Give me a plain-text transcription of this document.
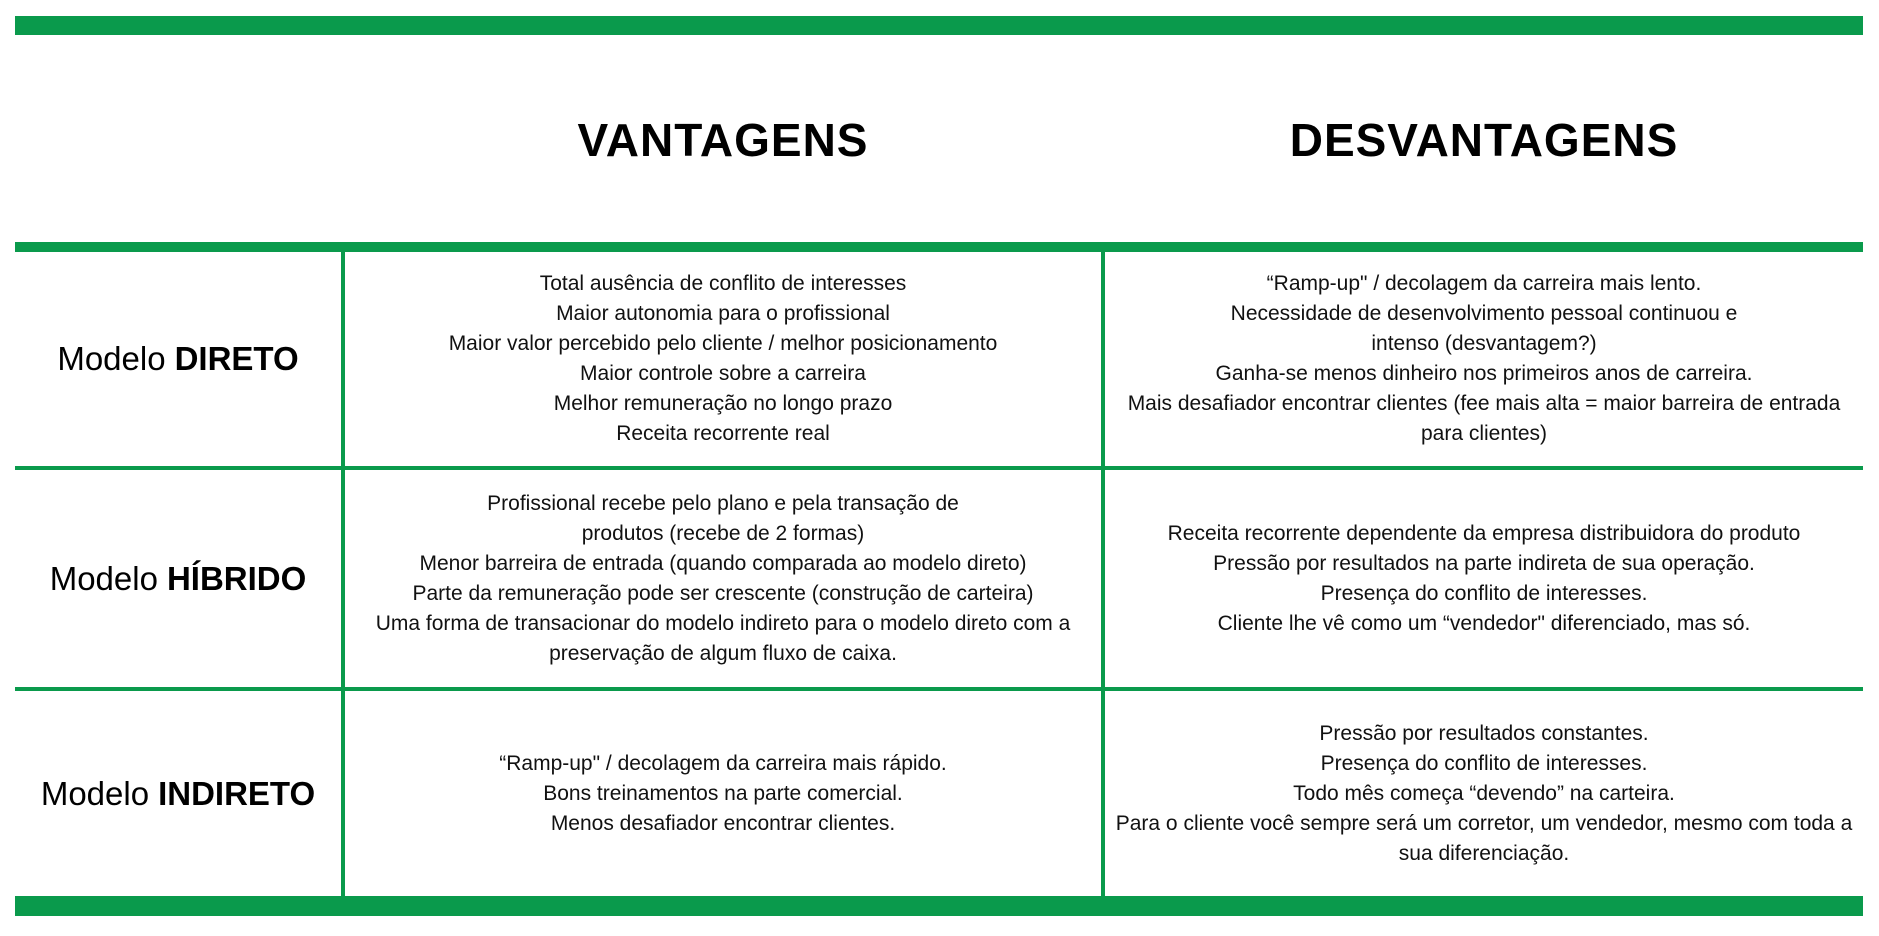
VANTAGENS	DESVANTAGENS
Modelo DIRETO
Total ausência de conflito de interesses
Maior autonomia para o profissional
Maior valor percebido pelo cliente / melhor posicionamento
Maior controle sobre a carreira
Melhor remuneração no longo prazo
Receita recorrente real
“Ramp-up" / decolagem da carreira mais lento.
Necessidade de desenvolvimento pessoal continuou e intenso (desvantagem?)
Ganha-se menos dinheiro nos primeiros anos de carreira.
Mais desafiador encontrar clientes (fee mais alta = maior barreira de entrada para clientes)
Modelo HÍBRIDO
Profissional recebe pelo plano e pela transação de produtos (recebe de 2 formas)
Menor barreira de entrada (quando comparada ao modelo direto)
Parte da remuneração pode ser crescente (construção de carteira)
Uma forma de transacionar do modelo indireto para o modelo direto com a preservação de algum fluxo de caixa.
Receita recorrente dependente da empresa distribuidora do produto
Pressão por resultados na parte indireta de sua operação.
Presença do conflito de interesses.
Cliente lhe vê como um “vendedor" diferenciado, mas só.
Modelo INDIRETO
“Ramp-up" / decolagem da carreira mais rápido.
Bons treinamentos na parte comercial.
Menos desafiador encontrar clientes.
Pressão por resultados constantes.
Presença do conflito de interesses.
Todo mês começa “devendo” na carteira.
Para o cliente você sempre será um corretor, um vendedor, mesmo com toda a sua diferenciação.
